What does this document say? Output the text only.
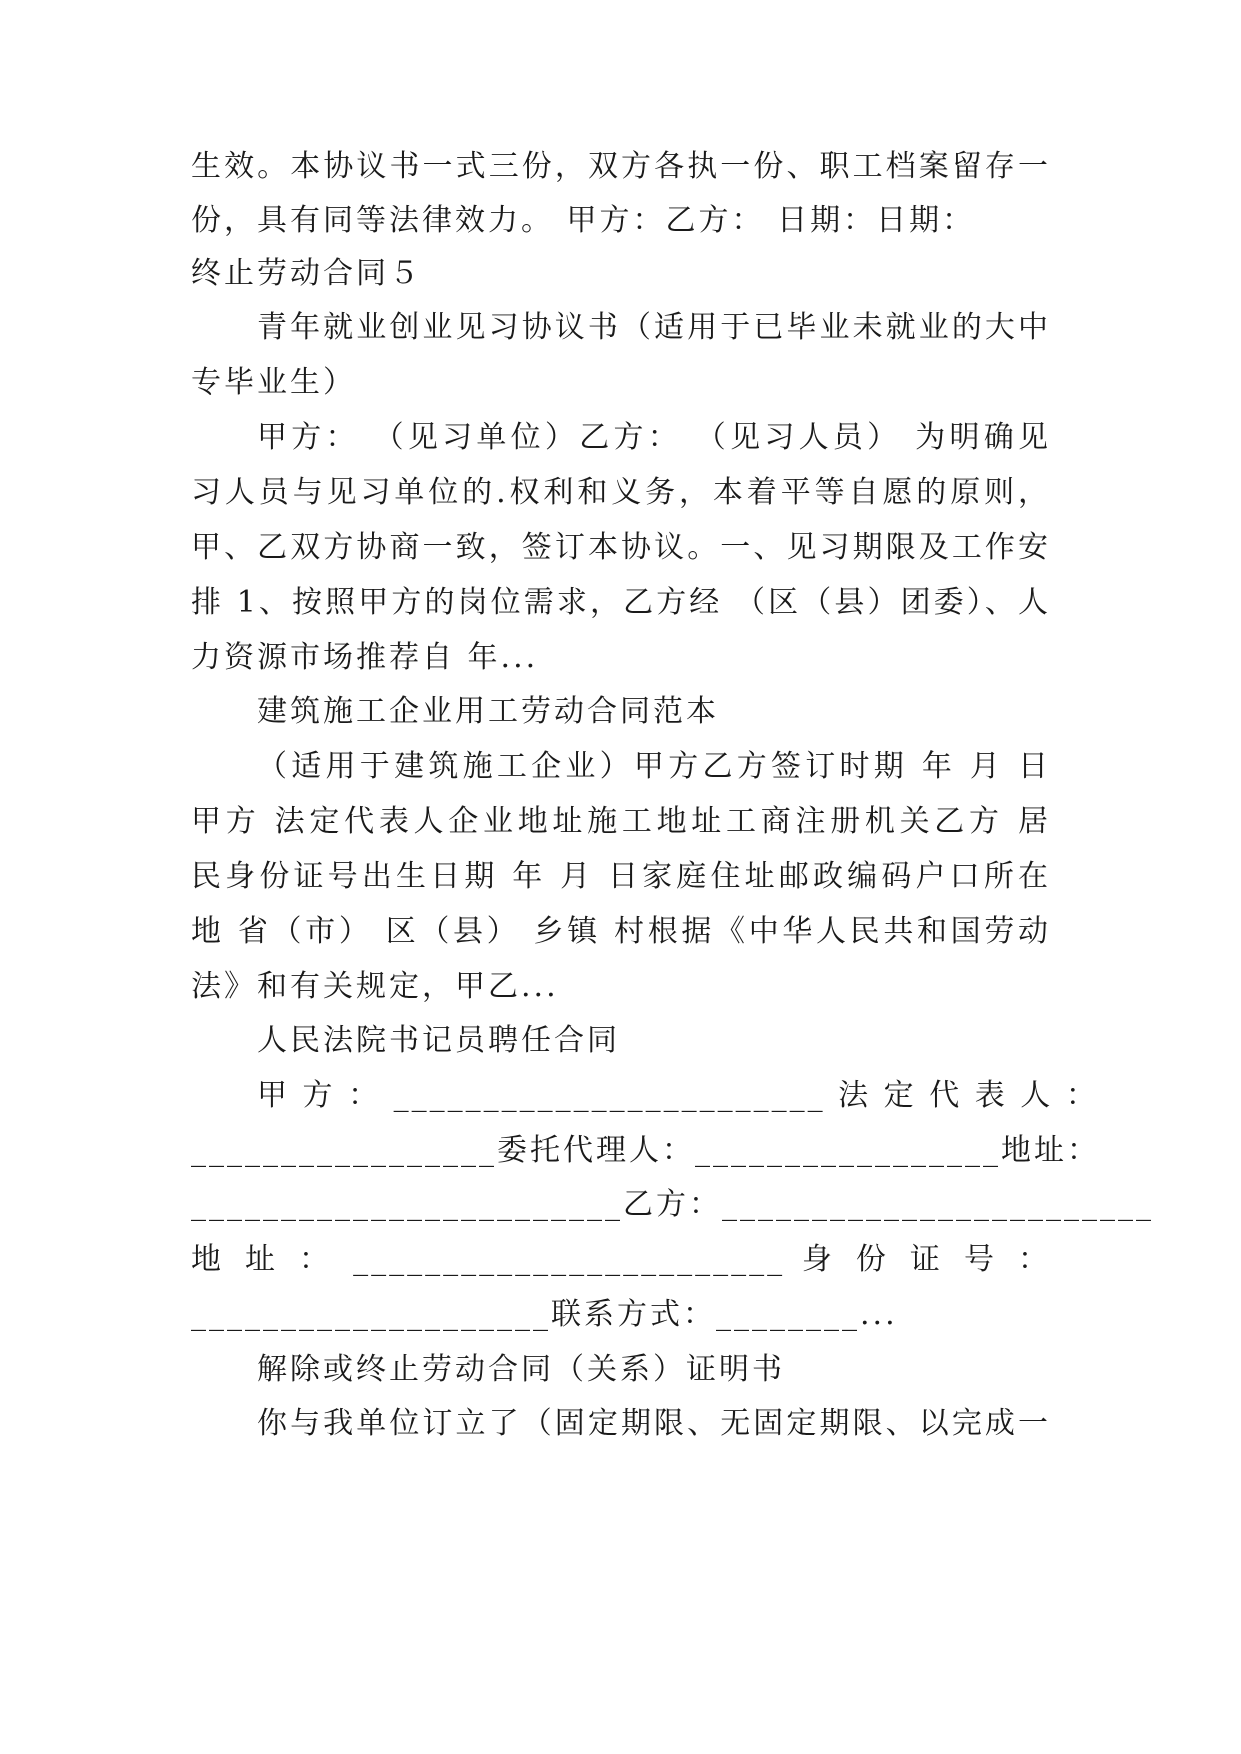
生效。本协议书一式三份，双方各执一份、职工档案留存一
份，具有同等法律效力。 甲方：乙方： 日期：日期：
终止劳动合同５
青年就业创业见习协议书（适用于已毕业未就业的大中
专毕业生）
甲方： （见习单位）乙方： （见习人员） 为明确见
习人员与见习单位的.权利和义务，本着平等自愿的原则，
甲、乙双方协商一致，签订本协议。一、见习期限及工作安
排 1、按照甲方的岗位需求，乙方经 （区（县）团委）、人
力资源市场推荐自 年...
建筑施工企业用工劳动合同范本
（适用于建筑施工企业）甲方乙方签订时期 年 月 日
甲方 法定代表人企业地址施工地址工商注册机关乙方 居
民身份证号出生日期 年 月 日家庭住址邮政编码户口所在
地 省（市） 区（县） 乡镇 村根据《中华人民共和国劳动
法》和有关规定，甲乙...
人民法院书记员聘任合同
甲 方 ： ________________________ 法 定 代 表 人 ：
_________________委托代理人：_________________地址：
________________________乙方：________________________
地 址 ： ________________________ 身 份 证 号 ：
____________________联系方式：________...
解除或终止劳动合同（关系）证明书
你与我单位订立了（固定期限、无固定期限、以完成一
